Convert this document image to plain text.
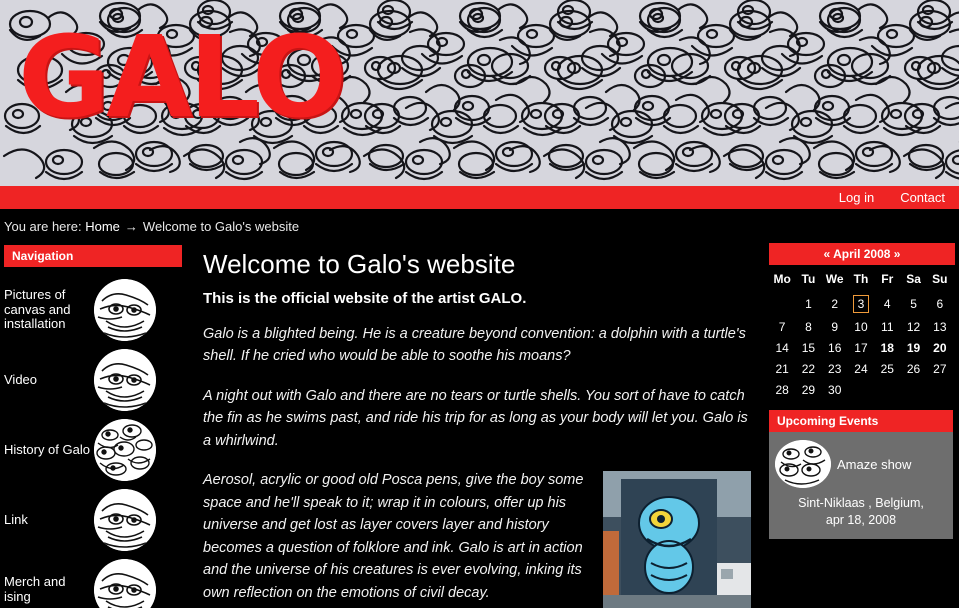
GALO
Log in Contact
You are here:
Home → Welcome to Galo's website
Navigation
Pictures of canvas and installation
Video
History of Galo
Link
Merch and ising
Welcome to Galo's website
This is the official website of the artist GALO.

Galo is a blighted being. He is a creature beyond convention: a dolphin with a turtle's shell. If he cried who would be able to soothe his moans?

A night out with Galo and there are no tears or turtle shells. You sort of have to catch the fin as he swims past, and ride his trip for as long as your body will let you. Galo is a whirlwind.

Aerosol, acrylic or good old Posca pens, give the boy some space and he'll speak to it; wrap it in colours, offer up his universe and get lost as layer covers layer and history becomes a question of folklore and ink. Galo is art in action and the universe of his creatures is ever evolving, inking its own reflection on the emotions of civil decay.

« April 2008 »
Mo	Tu	We	Th	Fr	Sa	Su
	1	2	3	4	5	6
7	8	9	10	11	12	13
14	15	16	17	18	19	20
21	22	23	24	25	26	27
28	29	30				
Upcoming Events
Amaze show
Sint-Niklaas , Belgium,
apr 18, 2008
